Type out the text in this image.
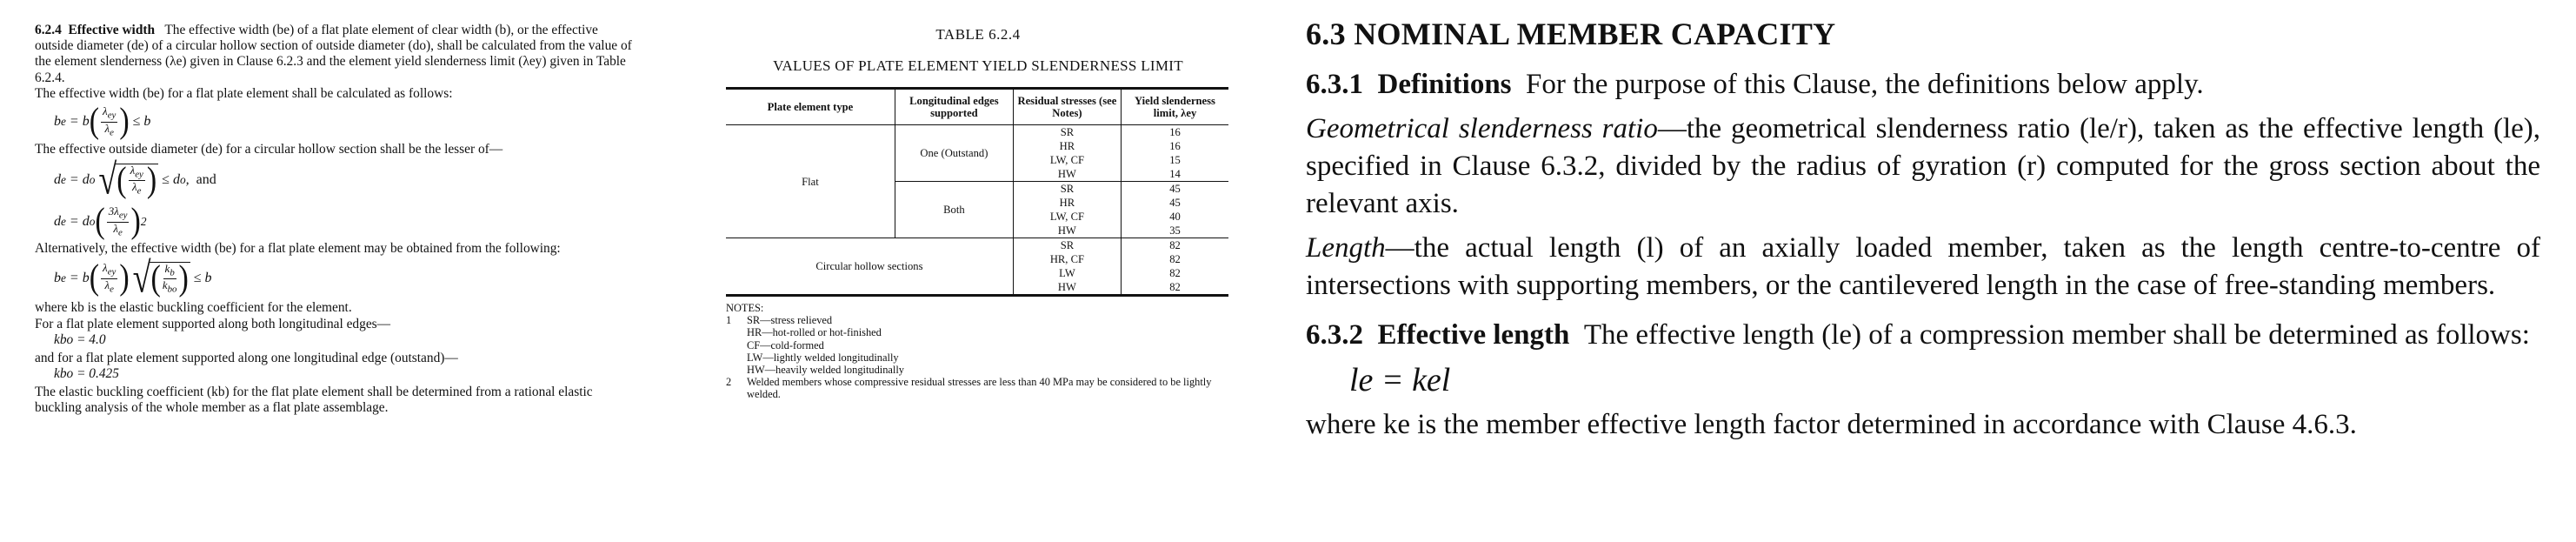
6.2.4 Effective width The effective width (be) of a flat plate element of clear width (b), or the effective outside diameter (de) of a circular hollow section of outside diameter (do), shall be calculated from the value of the element slenderness (λe) given in Clause 6.2.3 and the element yield slenderness limit (λey) given in Table 6.2.4.

The effective width (be) for a flat plate element shall be calculated as follows:

b e = b ( $\frac{\lambda_{ey}}{\lambda_e}$ ) ≤ b

The effective outside diameter (de) for a circular hollow section shall be the lesser of—

d e = d o
√ ( $\frac{\lambda_{ey}}{\lambda_e}$ ) ≤ d o , and
d e = d o ( $\frac{3\lambda_{ey}}{\lambda_e}$ ) 2

Alternatively, the effective width (be) for a flat plate element may be obtained from the following:

b e = b ( $\frac{\lambda_{ey}}{\lambda_e}$ )
√ ( $\frac{k_b}{k_{bo}}$ ) ≤ b

where kb is the elastic buckling coefficient for the element.

For a flat plate element supported along both longitudinal edges—

kbo = 4.0

and for a flat plate element supported along one longitudinal edge (outstand)—

kbo = 0.425

The elastic buckling coefficient (kb) for the flat plate element shall be determined from a rational elastic buckling analysis of the whole member as a flat plate assemblage.

TABLE 6.2.4
VALUES OF PLATE ELEMENT YIELD SLENDERNESS LIMIT
Plate element type	Longitudinal edges supported	Residual stresses (see Notes)	Yield slenderness limit, λey
Flat	One (Outstand)	SR	16
		HR	16
		LW, CF	15
		HW	14
	Both	SR	45
		HR	45
		LW, CF	40
		HW	35
Circular hollow sections		SR	82
		HR, CF	82
		LW	82
		HW	82
NOTES:
1	SR—stress relieved
HR—hot-rolled or hot-finished
CF—cold-formed
LW—lightly welded longitudinally
HW—heavily welded longitudinally
2	Welded members whose compressive residual stresses are less than 40 MPa may be considered to be lightly welded.
6.3 NOMINAL MEMBER CAPACITY

6.3.1 Definitions For the purpose of this Clause, the definitions below apply.

Geometrical slenderness ratio—the geometrical slenderness ratio (le/r), taken as the effective length (le), specified in Clause 6.3.2, divided by the radius of gyration (r) computed for the gross section about the relevant axis.

Length—the actual length (l) of an axially loaded member, taken as the length centre-to-centre of intersections with supporting members, or the cantilevered length in the case of free-standing members.

6.3.2 Effective length The effective length (le) of a compression member shall be determined as follows:

le = kel

where ke is the member effective length factor determined in accordance with Clause 4.6.3.
